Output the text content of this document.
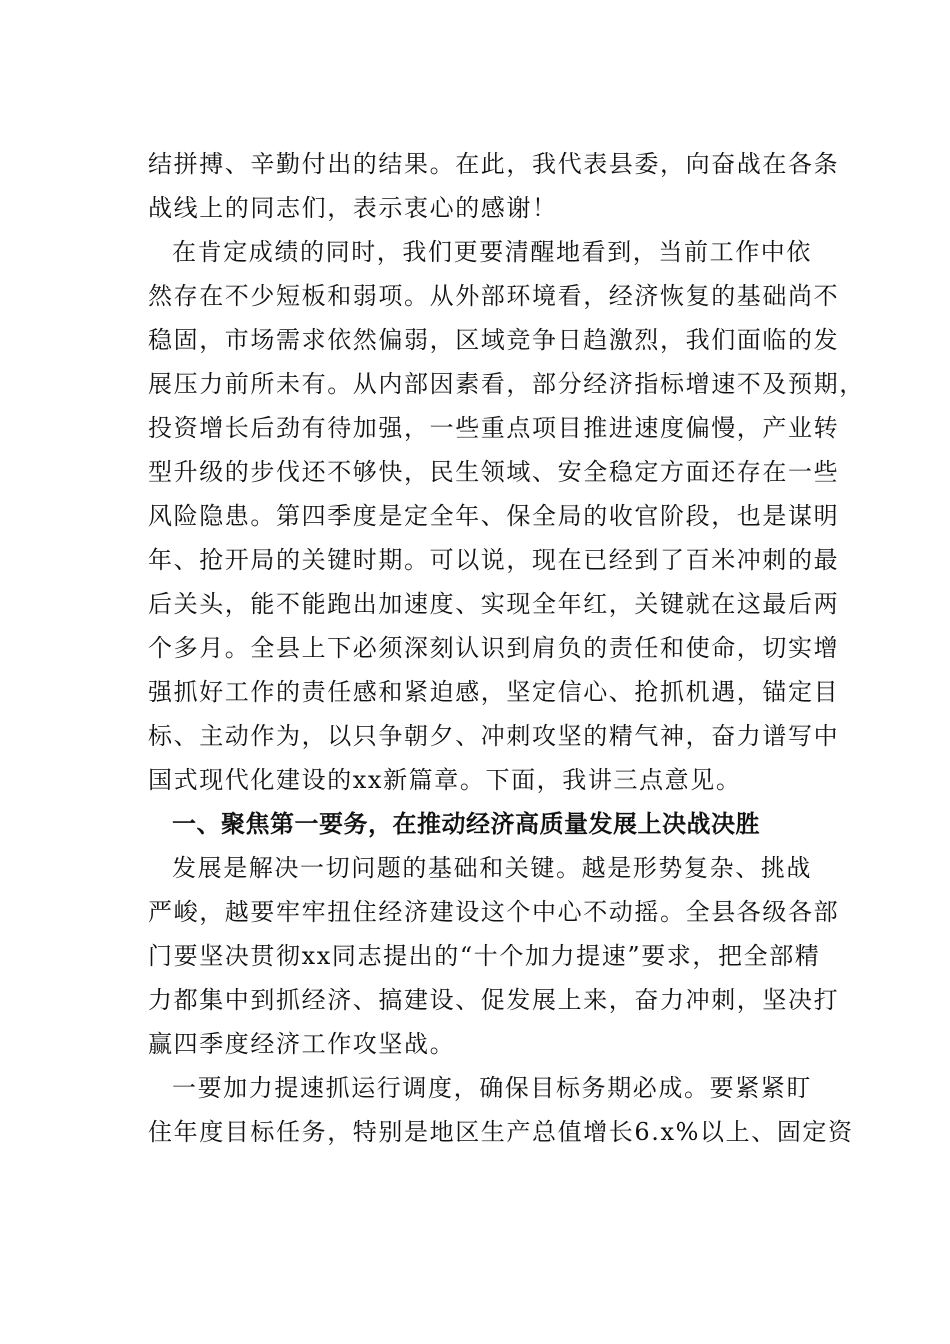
结拼搏、辛勤付出的结果。在此，我代表县委，向奋战在各条
战线上的同志们，表示衷心的感谢！
在肯定成绩的同时，我们更要清醒地看到，当前工作中依
然存在不少短板和弱项。从外部环境看，经济恢复的基础尚不
稳固，市场需求依然偏弱，区域竞争日趋激烈，我们面临的发
展压力前所未有。从内部因素看，部分经济指标增速不及预期，
投资增长后劲有待加强，一些重点项目推进速度偏慢，产业转
型升级的步伐还不够快，民生领域、安全稳定方面还存在一些
风险隐患。第四季度是定全年、保全局的收官阶段，也是谋明
年、抢开局的关键时期。可以说，现在已经到了百米冲刺的最
后关头，能不能跑出加速度、实现全年红，关键就在这最后两
个多月。全县上下必须深刻认识到肩负的责任和使命，切实增
强抓好工作的责任感和紧迫感，坚定信心、抢抓机遇，锚定目
标、主动作为，以只争朝夕、冲刺攻坚的精气神，奋力谱写中
国式现代化建设的xx新篇章。下面，我讲三点意见。
一、聚焦第一要务，在推动经济高质量发展上决战决胜
发展是解决一切问题的基础和关键。越是形势复杂、挑战
严峻，越要牢牢扭住经济建设这个中心不动摇。全县各级各部
门要坚决贯彻xx同志提出的“十个加力提速”要求，把全部精
力都集中到抓经济、搞建设、促发展上来，奋力冲刺，坚决打
赢四季度经济工作攻坚战。
一要加力提速抓运行调度，确保目标务期必成。要紧紧盯
住年度目标任务，特别是地区生产总值增长6.x%以上、固定资
